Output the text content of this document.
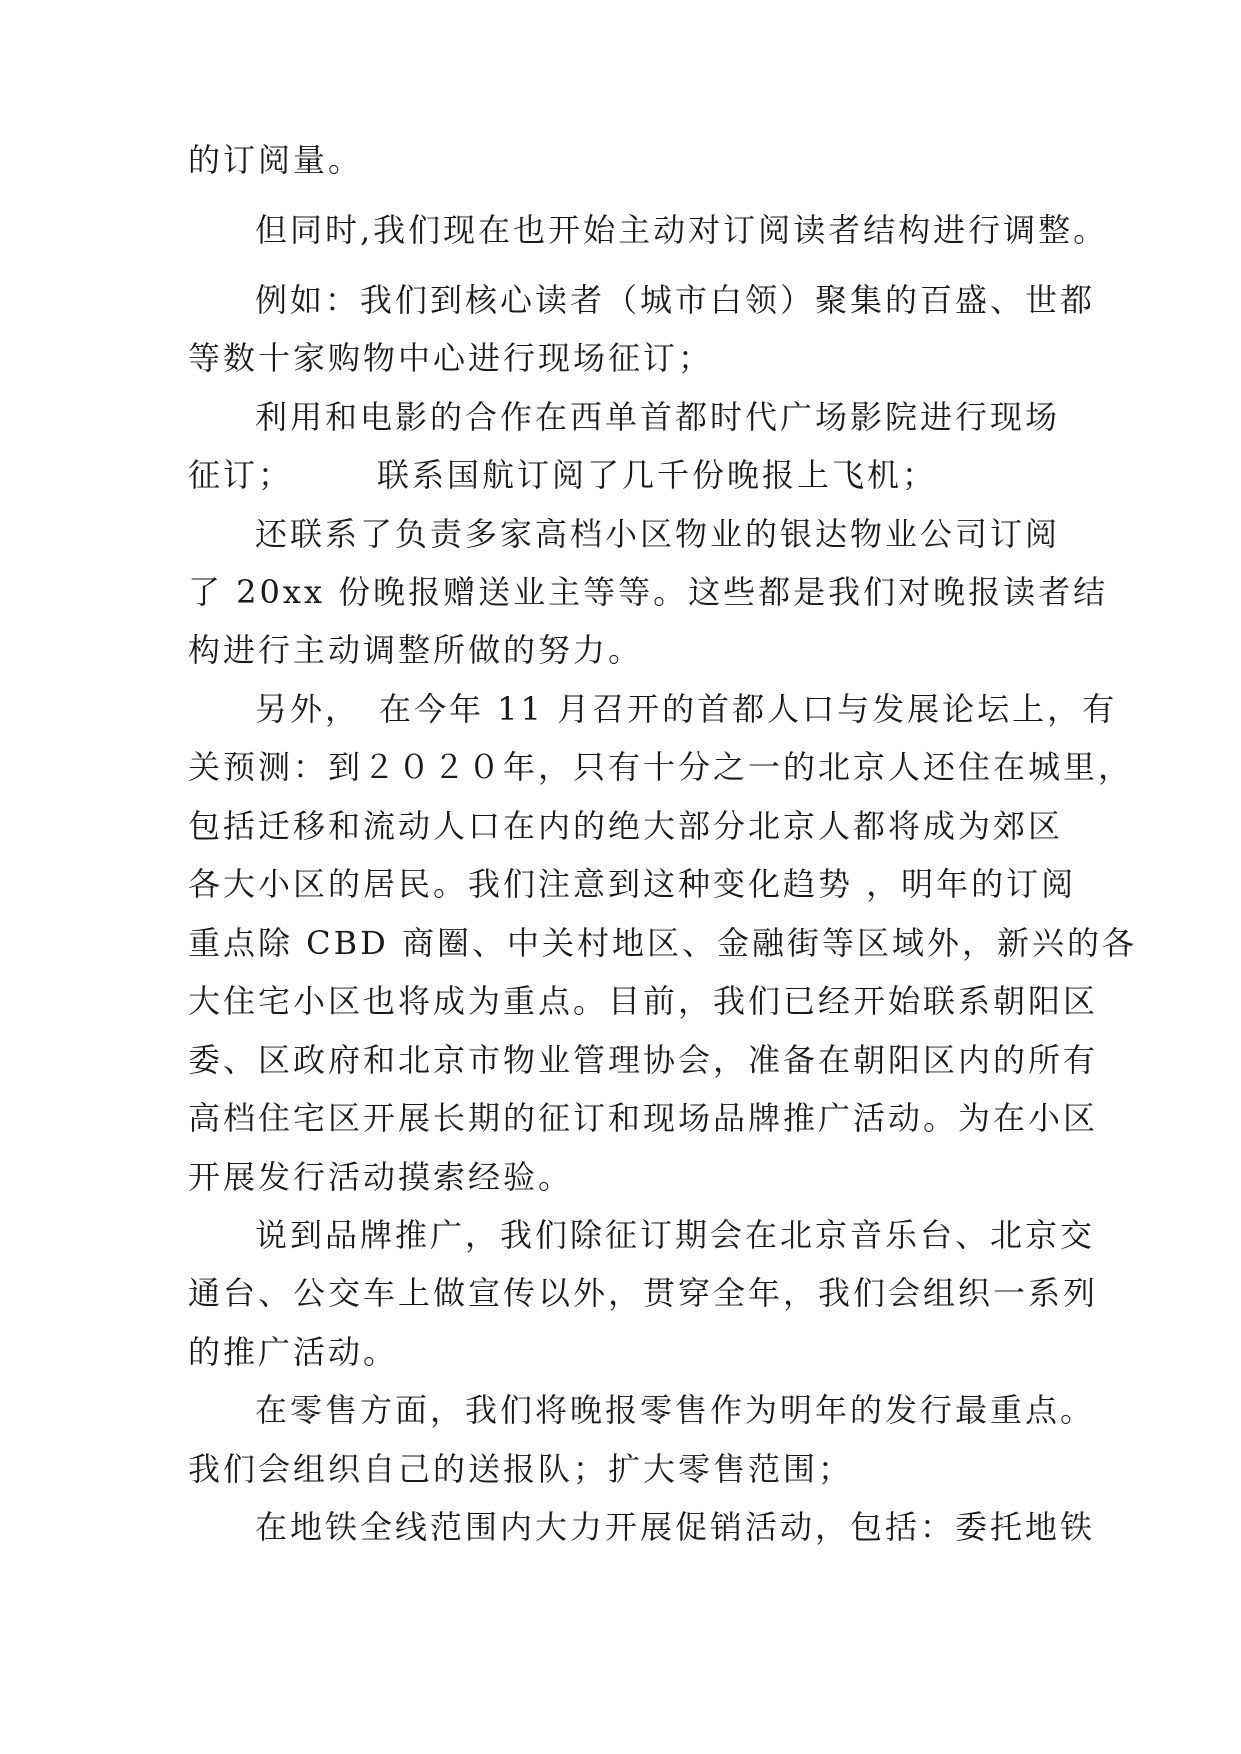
的订阅量。
但同时,我们现在也开始主动对订阅读者结构进行调整。
例如：我们到核心读者（城市白领）聚集的百盛、世都
等数十家购物中心进行现场征订；
利用和电影的合作在西单首都时代广场影院进行现场
征订；	联系国航订阅了几千份晚报上飞机；
还联系了负责多家高档小区物业的银达物业公司订阅
了 20xx 份晚报赠送业主等等。这些都是我们对晚报读者结
构进行主动调整所做的努力。
另外，　在今年 11 月召开的首都人口与发展论坛上，有
关预测：到２０２０年，只有十分之一的北京人还住在城里，
包括迁移和流动人口在内的绝大部分北京人都将成为郊区
各大小区的居民。我们注意到这种变化趋势 ，明年的订阅
重点除 CBD 商圈、中关村地区、金融街等区域外，新兴的各
大住宅小区也将成为重点。目前，我们已经开始联系朝阳区
委、区政府和北京市物业管理协会，准备在朝阳区内的所有
高档住宅区开展长期的征订和现场品牌推广活动。为在小区
开展发行活动摸索经验。
说到品牌推广，我们除征订期会在北京音乐台、北京交
通台、公交车上做宣传以外，贯穿全年，我们会组织一系列
的推广活动。
在零售方面，我们将晚报零售作为明年的发行最重点。
我们会组织自己的送报队；扩大零售范围；
在地铁全线范围内大力开展促销活动，包括：委托地铁
